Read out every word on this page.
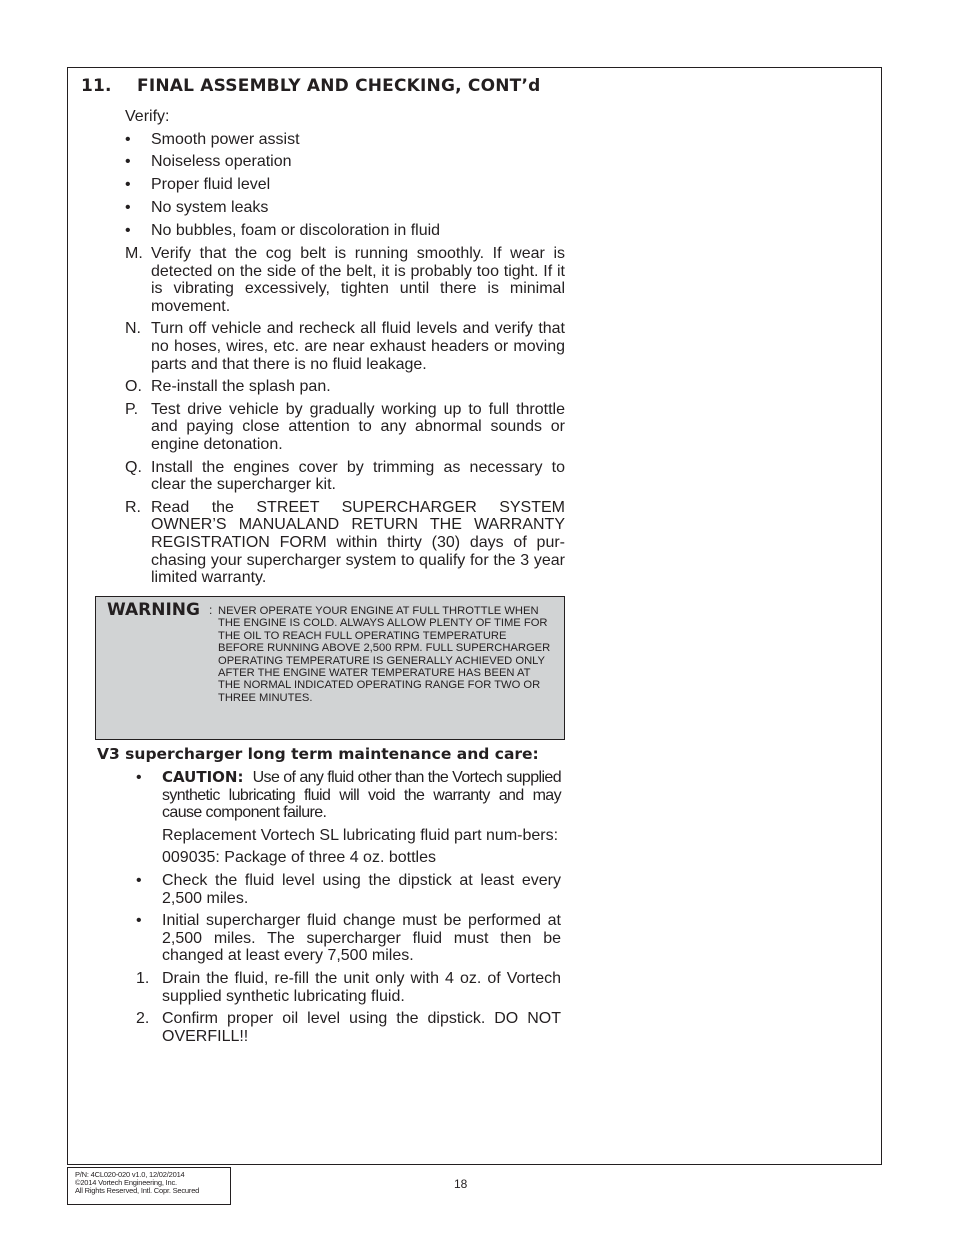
11. FINAL ASSEMBLY AND CHECKING, CONT’d
Verify:
•	Smooth power assist
•	Noiseless operation
•	Proper fluid level
•	No system leaks
•	No bubbles, foam or discoloration in fluid
M. Verify that the cog belt is running smoothly. If wear is detected on the side of the belt, it is probably too tight. If it is vibrating excessively, tighten until there is minimal movement.
N. Turn off vehicle and recheck all fluid levels and verify that no hoses, wires, etc. are near exhaust headers or moving parts and that there is no fluid leakage.
O. Re-install the splash pan.
P. Test drive vehicle by gradually working up to full throttle and paying close attention to any abnormal sounds or engine detonation.
Q. Install the engines cover by trimming as necessary to clear the supercharger kit.
R. Read the STREET SUPERCHARGER SYSTEM OWNER’S MANUALAND RETURN THE WARRANTY REGISTRATION FORM within thirty (30) days of pur-chasing your supercharger system to qualify for the 3 year limited warranty.
WARNING : NEVER OPERATE YOUR ENGINE AT FULL THROTTLE WHEN THE ENGINE IS COLD. ALWAYS ALLOW PLENTY OF TIME FOR THE OIL TO REACH FULL OPERATING TEMPERATURE BEFORE RUNNING ABOVE 2,500 RPM. FULL SUPERCHARGER OPERATING TEMPERATURE IS GENERALLY ACHIEVED ONLY AFTER THE ENGINE WATER TEMPERATURE HAS BEEN AT THE NORMAL INDICATED OPERATING RANGE FOR TWO OR THREE MINUTES.
V3 supercharger long term maintenance and care:
•	CAUTION: Use of any fluid other than the Vortech supplied synthetic lubricating fluid will void the warranty and may cause component failure.
Replacement Vortech SL lubricating fluid part num-bers:
009035: Package of three 4 oz. bottles
•	Check the fluid level using the dipstick at least every 2,500 miles.
•	Initial supercharger fluid change must be performed at 2,500 miles. The supercharger fluid must then be changed at least every 7,500 miles.
1. Drain the fluid, re-fill the unit only with 4 oz. of Vortech supplied synthetic lubricating fluid.
2. Confirm proper oil level using the dipstick. DO NOT OVERFILL!!
P/N: 4CL020-020 v1.0, 12/02/2014
©2014 Vortech Engineering, Inc.
All Rights Reserved, Intl. Copr. Secured	18
